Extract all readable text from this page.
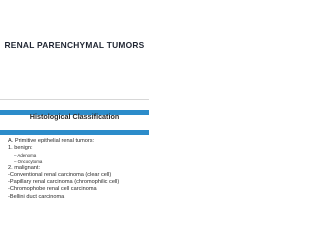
RENAL PARENCHYMAL TUMORS
Histological Classification
A. Primitive epithelial renal tumors:
1. benign:
– Adenoma
– Oncocytoma
2. malignant:
-Conventional renal carcinoma (clear cell)
-Papillary renal carcinoma (chromophilic cell)
-Chromophobe renal cell carcinoma
-Bellini duct carcinoma
